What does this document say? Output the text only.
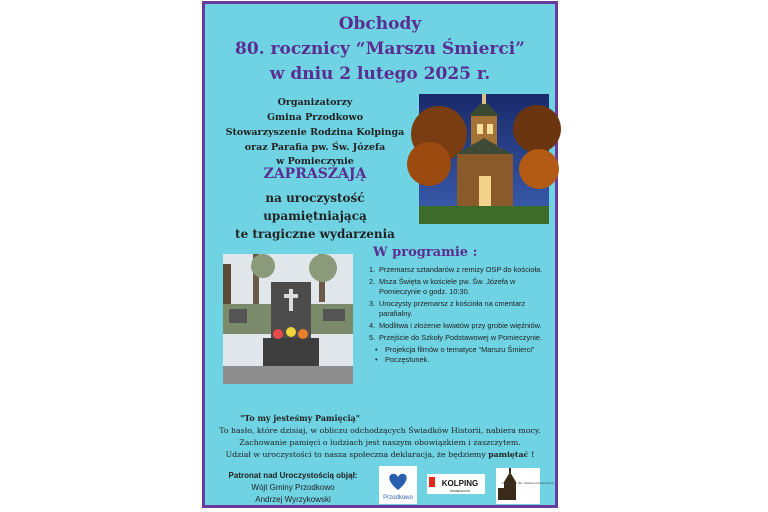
Obchody
80. rocznicy “Marszu Śmierci”
w dniu 2 lutego 2025 r.
Organizatorzy
Gmina Przodkowo
Stowarzyszenie Rodzina Kolpinga
oraz Parafia pw. Św. Józefa
w Pomieczynie
ZAPRASZAJĄ
na uroczystość
upamiętniającą
te tragiczne wydarzenia
W programie :
1. Przemarsz sztandarów z remizy OSP do kościoła.
2. Msza Święta w kościele pw. Św. Józefa w Pomieczynie o godz. 10:30.
3. Uroczysty przemarsz z kościoła na cmentarz parafialny.
4. Modlitwa i złożenie kwiatów przy grobie więźniów.
5. Przejście do Szkoły Podstawowej w Pomieczynie.
•	Projekcja filmów o tematyce “Marszu Śmierci”
•	Poczęstunek.
"To my jesteśmy Pamięcią"
To hasło, które dzisiaj, w obliczu odchodzących Świadków Historii, nabiera mocy.
Zachowanie pamięci o ludziach jest naszym obowiązkiem i zaszczytem.
Udział w uroczystości to nasza społeczna deklaracja, że będziemy pamiętać !
Patronat nad Uroczystością objął:
Wójt Gminy Przodkowo
Andrzej Wyrzykowski	Przodkowo
KOLPING
POMIECZYNO
Parafia pw. Św. Józefa w Pomieczynie
